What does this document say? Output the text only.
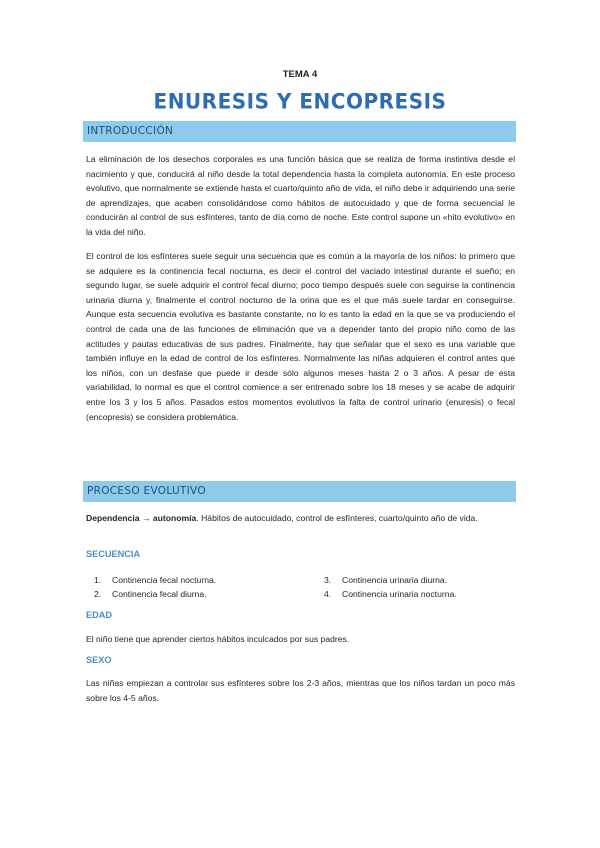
TEMA 4
ENURESIS Y ENCOPRESIS
INTRODUCCIÓN

La eliminación de los desechos corporales es una función básica que se realiza de forma instintiva desde el nacimiento y que, conducirá al niño desde la total dependencia hasta la completa autonomía. En este proceso evolutivo, que normalmente se extiende hasta el cuarto/quinto año de vida, el niño debe ir adquiriendo una serie de aprendizajes, que acaben consolidándose como hábitos de autocuidado y que de forma secuencial le conducirán al control de sus esfínteres, tanto de día como de noche. Este control supone un «hito evolutivo» en la vida del niño.

El control de los esfínteres suele seguir una secuencia que es común a la mayoría de los niños: lo primero que se adquiere es la continencia fecal nocturna, es decir el control del vaciado intestinal durante el sueño; en segundo lugar, se suele adquirir el control fecal diurno; poco tiempo después suele con seguirse la continencia urinaria diurna y, finalmente el control nocturno de la orina que es el que más suele tardar en conseguirse. Aunque esta secuencia evolutiva es bastante constante, no lo es tanto la edad en la que se va produciendo el control de cada una de las funciones de eliminación que va a depender tanto del propio niño como de las actitudes y pautas educativas de sus padres. Finalmente, hay que señalar que el sexo es una variable que también influye en la edad de control de los esfínteres. Normalmente las niñas adquieren el control antes que los niños, con un desfase que puede ir desde sólo algunos meses hasta 2 o 3 años. A pesar de esta variabilidad, lo normal es que el control comience a ser entrenado sobre los 18 meses y se acabe de adquirir entre los 3 y los 5 años. Pasados estos momentos evolutivos la falta de control urinario (enuresis) o fecal (encopresis) se considera problemática.

PROCESO EVOLUTIVO

Dependencia → autonomía. Hábitos de autocuidado, control de esfínteres, cuarto/quinto año de vida.

SECUENCIA
1. Continencia fecal nocturna.
2. Continencia fecal diurna.
3. Continencia urinaria diurna.
4. Continencia urinaria nocturna.
EDAD

El niño tiene que aprender ciertos hábitos inculcados por sus padres.

SEXO

Las niñas empiezan a controlar sus esfínteres sobre los 2-3 años, mientras que los niños tardan un poco más sobre los 4-5 años.
